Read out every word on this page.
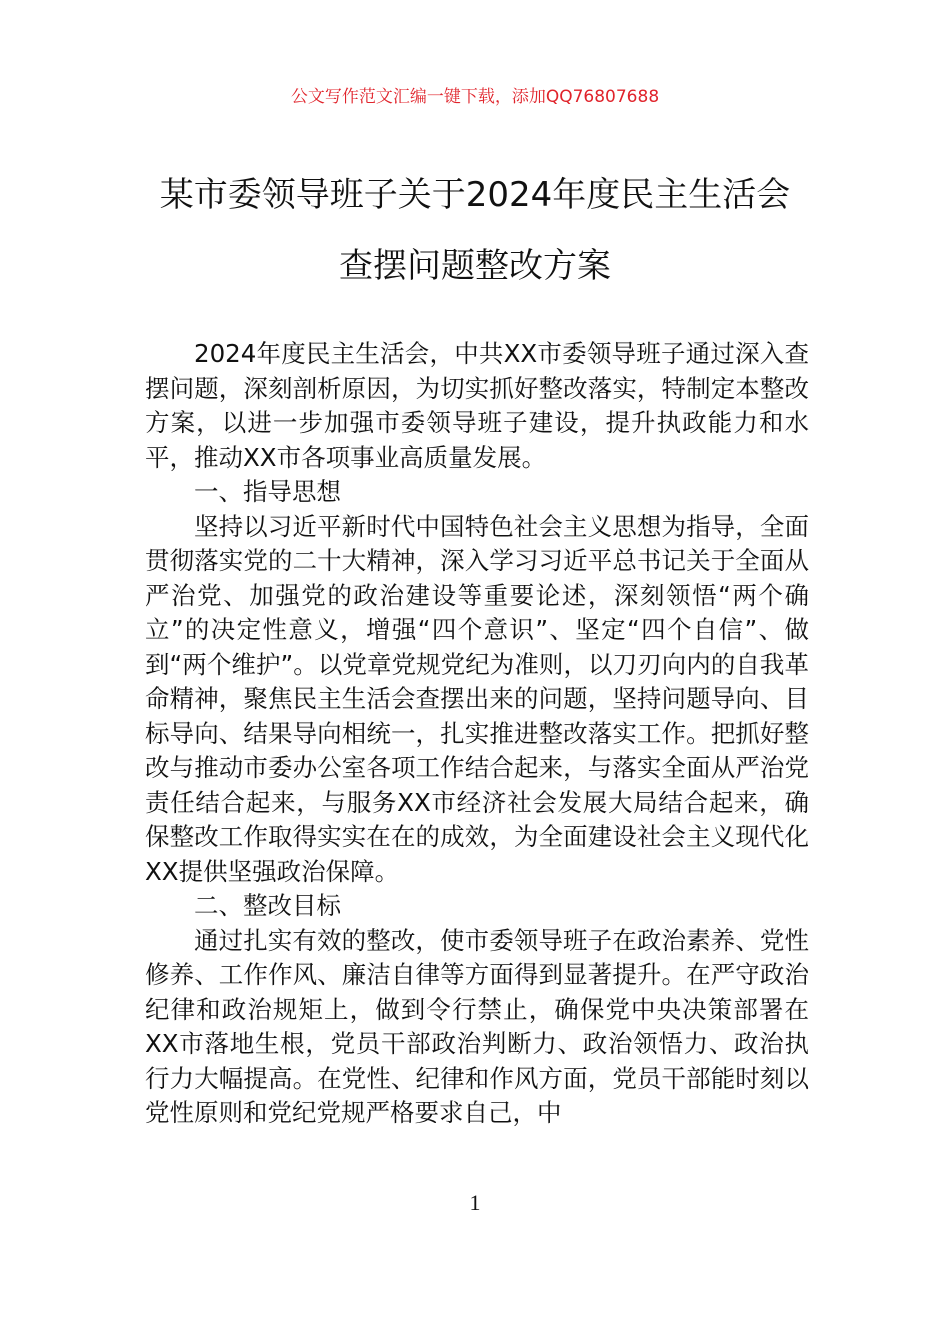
公文写作范文汇编一键下载，添加QQ76807688
某市委领导班子关于2024年度民主生活会
查摆问题整改方案

2024年度民主生活会，中共XX市委领导班子通过深入查摆问题，深刻剖析原因，为切实抓好整改落实，特制定本整改方案，以进一步加强市委领导班子建设，提升执政能力和水平，推动XX市各项事业高质量发展。

一、指导思想

坚持以习近平新时代中国特色社会主义思想为指导，全面贯彻落实党的二十大精神，深入学习习近平总书记关于全面从严治党、加强党的政治建设等重要论述，深刻领悟“两个确立”的决定性意义，增强“四个意识”、坚定“四个自信”、做到“两个维护”。以党章党规党纪为准则，以刀刃向内的自我革命精神，聚焦民主生活会查摆出来的问题，坚持问题导向、目标导向、结果导向相统一，扎实推进整改落实工作。把抓好整改与推动市委办公室各项工作结合起来，与落实全面从严治党责任结合起来，与服务XX市经济社会发展大局结合起来，确保整改工作取得实实在在的成效，为全面建设社会主义现代化XX提供坚强政治保障。

二、整改目标

通过扎实有效的整改，使市委领导班子在政治素养、党性修养、工作作风、廉洁自律等方面得到显著提升。在严守政治纪律和政治规矩上，做到令行禁止，确保党中央决策部署在XX市落地生根，党员干部政治判断力、政治领悟力、政治执行力大幅提高。在党性、纪律和作风方面，党员干部能时刻以党性原则和党纪党规严格要求自己，中

1
